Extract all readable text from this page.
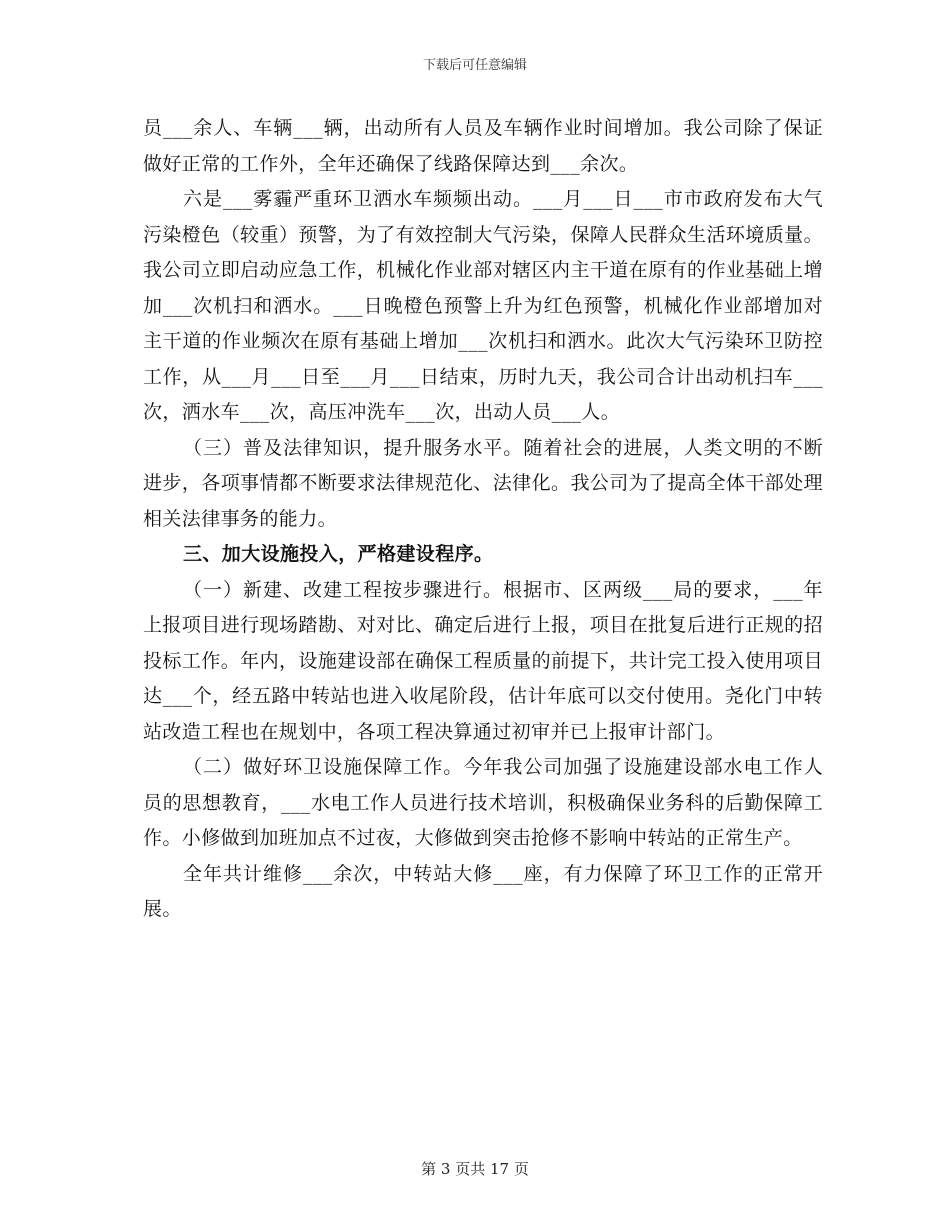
下载后可任意编辑

员___余人、车辆___辆，出动所有人员及车辆作业时间增加。我公司除了保证做好正常的工作外，全年还确保了线路保障达到___余次。

六是___雾霾严重环卫洒水车频频出动。___月___日___市市政府发布大气污染橙色（较重）预警，为了有效控制大气污染，保障人民群众生活环境质量。我公司立即启动应急工作，机械化作业部对辖区内主干道在原有的作业基础上增加___次机扫和洒水。___日晚橙色预警上升为红色预警，机械化作业部增加对主干道的作业频次在原有基础上增加___次机扫和洒水。此次大气污染环卫防控工作，从___月___日至___月___日结束，历时九天，我公司合计出动机扫车___次，洒水车___次，高压冲洗车___次，出动人员___人。

（三）普及法律知识，提升服务水平。随着社会的进展，人类文明的不断进步，各项事情都不断要求法律规范化、法律化。我公司为了提高全体干部处理相关法律事务的能力。

三、加大设施投入，严格建设程序。

（一）新建、改建工程按步骤进行。根据市、区两级___局的要求，___年上报项目进行现场踏勘、对对比、确定后进行上报，项目在批复后进行正规的招投标工作。年内，设施建设部在确保工程质量的前提下，共计完工投入使用项目达___个，经五路中转站也进入收尾阶段，估计年底可以交付使用。尧化门中转站改造工程也在规划中，各项工程决算通过初审并已上报审计部门。

（二）做好环卫设施保障工作。今年我公司加强了设施建设部水电工作人员的思想教育，___水电工作人员进行技术培训，积极确保业务科的后勤保障工作。小修做到加班加点不过夜，大修做到突击抢修不影响中转站的正常生产。

全年共计维修___余次，中转站大修___座，有力保障了环卫工作的正常开展。

第 3 页共 17 页
